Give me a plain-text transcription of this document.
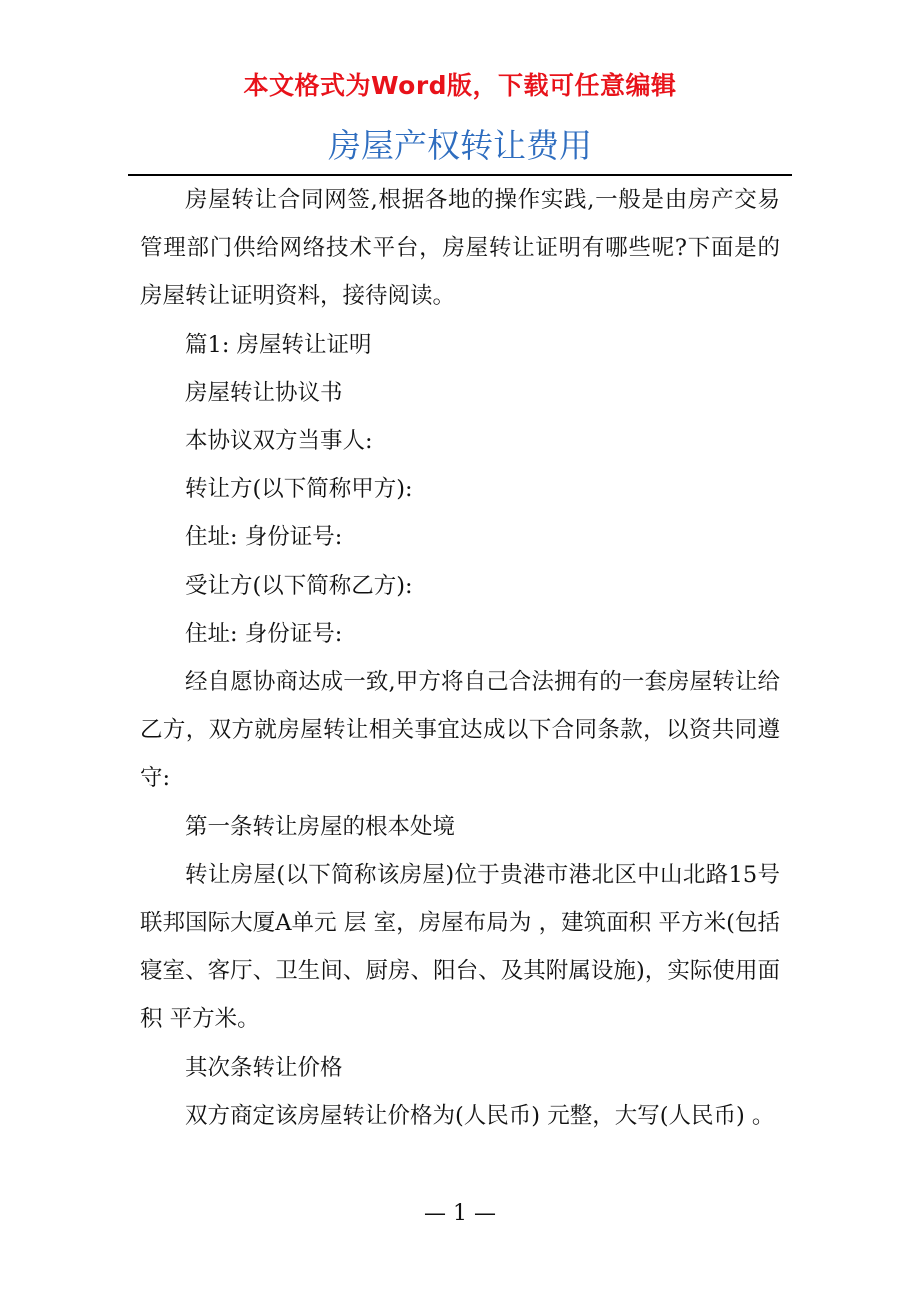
本文格式为Word版，下载可任意编辑
房屋产权转让费用

房屋转让合同网签,根据各地的操作实践,一般是由房产交易管理部门供给网络技术平台，房屋转让证明有哪些呢?下面是的房屋转让证明资料，接待阅读。

篇1: 房屋转让证明

房屋转让协议书

本协议双方当事人:

转让方(以下简称甲方):

住址: 身份证号:

受让方(以下简称乙方):

住址: 身份证号:

经自愿协商达成一致,甲方将自己合法拥有的一套房屋转让给乙方，双方就房屋转让相关事宜达成以下合同条款，以资共同遵守:

第一条转让房屋的根本处境

转让房屋(以下简称该房屋)位于贵港市港北区中山北路15号联邦国际大厦A单元 层 室，房屋布局为 ，建筑面积 平方米(包括寝室、客厅、卫生间、厨房、阳台、及其附属设施)，实际使用面积 平方米。

其次条转让价格

双方商定该房屋转让价格为(人民币) 元整，大写(人民币) 。

— 1 —
